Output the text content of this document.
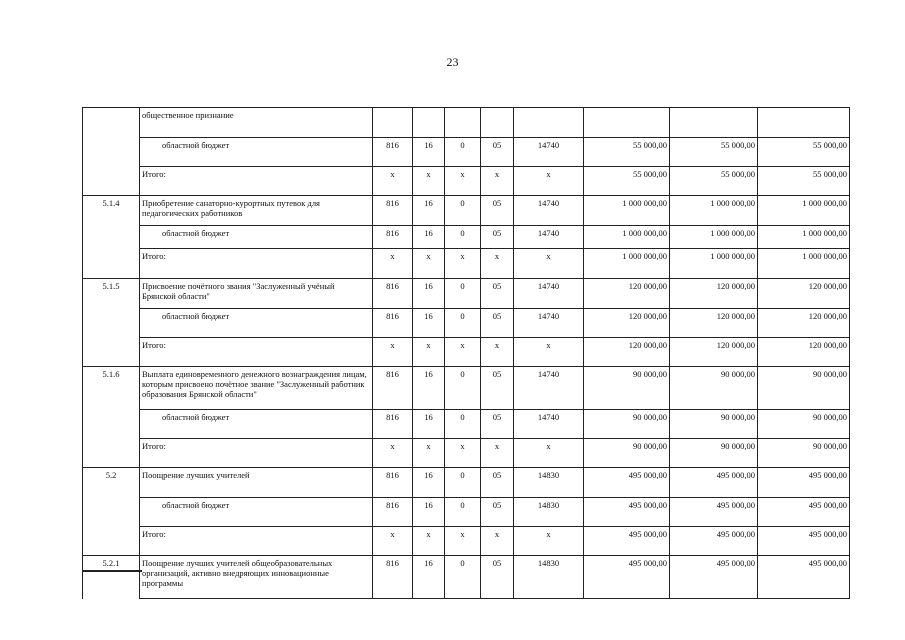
23
	общественное признание								
	областной бюджет	816	16	0	05	14740	55 000,00	55 000,00	55 000,00
	Итого:	x	x	x	x	x	55 000,00	55 000,00	55 000,00
5.1.4	Приобретение санаторно-курортных путевок для педагогических работников	816	16	0	05	14740	1 000 000,00	1 000 000,00	1 000 000,00
	областной бюджет	816	16	0	05	14740	1 000 000,00	1 000 000,00	1 000 000,00
	Итого:	x	x	x	x	x	1 000 000,00	1 000 000,00	1 000 000,00
5.1.5	Присвоение почётного звания "Заслуженный учёный Брянской области"	816	16	0	05	14740	120 000,00	120 000,00	120 000,00
	областной бюджет	816	16	0	05	14740	120 000,00	120 000,00	120 000,00
	Итого:	x	x	x	x	x	120 000,00	120 000,00	120 000,00
5.1.6	Выплата единовременного денежного вознаграждения лицам, которым присвоено почётное звание "Заслуженный работник образования Брянской области"	816	16	0	05	14740	90 000,00	90 000,00	90 000,00
	областной бюджет	816	16	0	05	14740	90 000,00	90 000,00	90 000,00
	Итого:	x	x	x	x	x	90 000,00	90 000,00	90 000,00
5.2	Поощрение лучших учителей	816	16	0	05	14830	495 000,00	495 000,00	495 000,00
	областной бюджет	816	16	0	05	14830	495 000,00	495 000,00	495 000,00
	Итого:	x	x	x	x	x	495 000,00	495 000,00	495 000,00
5.2.1	Поощрение лучших учителей общеобразовательных организаций, активно внедряющих инновационные программы	816	16	0	05	14830	495 000,00	495 000,00	495 000,00
